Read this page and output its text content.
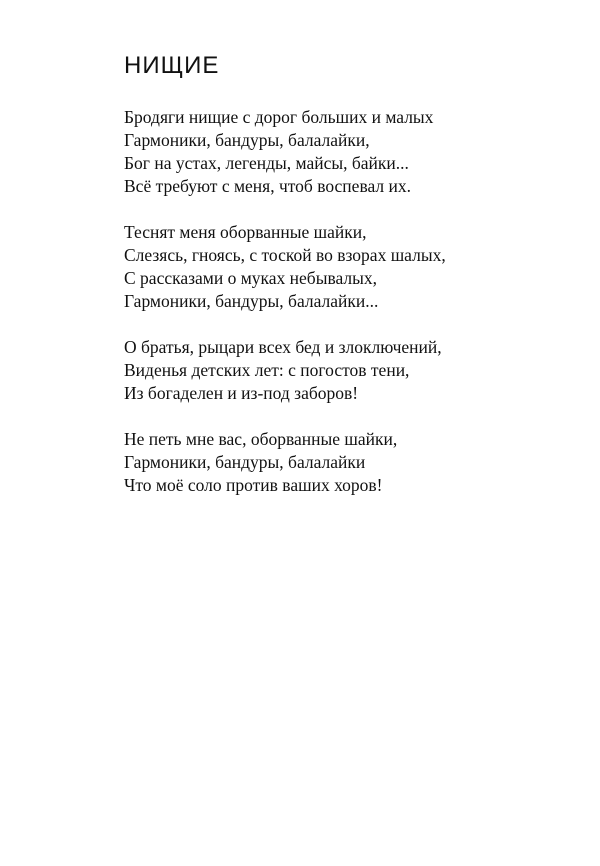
НИЩИЕ
Бродяги нищие с дорог больших и малых
Гармоники, бандуры, балалайки,
Бог на устах, легенды, майсы, байки...
Всё требуют с меня, чтоб воспевал их.
Теснят меня оборванные шайки,
Слезясь, гноясь, с тоской во взорах шалых,
С рассказами о муках небывалых,
Гармоники, бандуры, балалайки...
О братья, рыцари всех бед и злоключений,
Виденья детских лет: с погостов тени,
Из богаделен и из-под заборов!
Не петь мне вас, оборванные шайки,
Гармоники, бандуры, балалайки
Что моё соло против ваших хоров!
